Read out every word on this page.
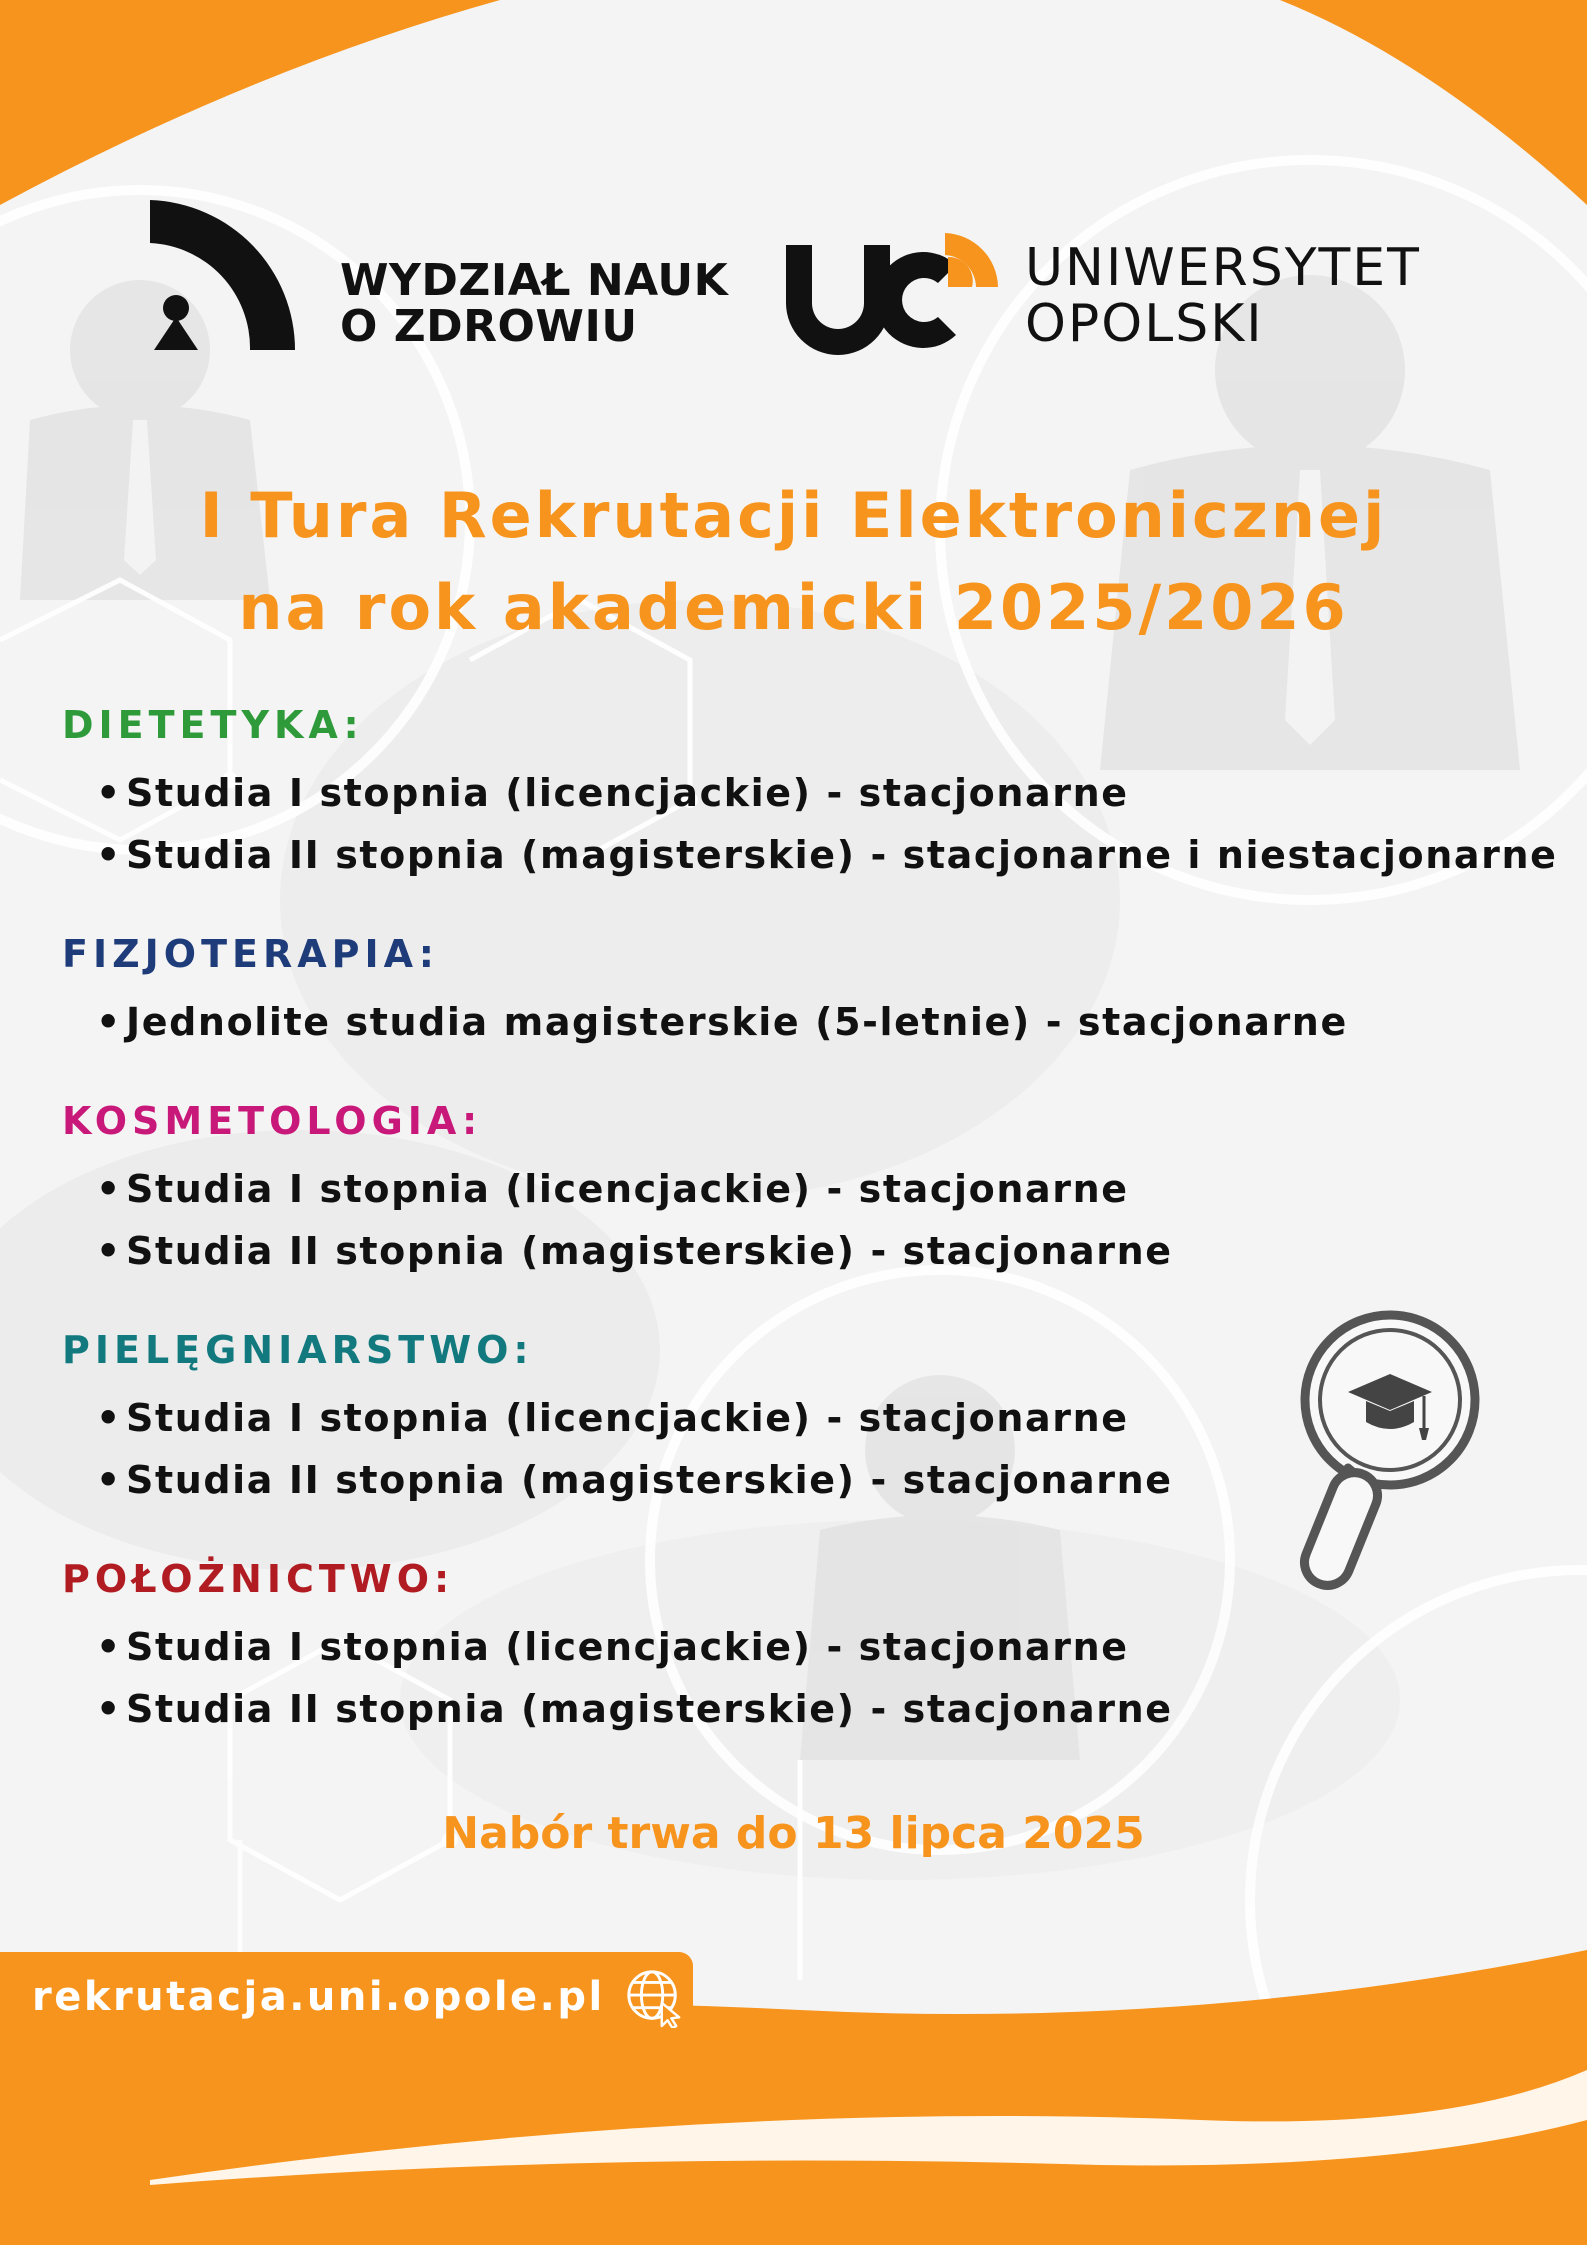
WYDZIAŁ NAUK
O ZDROWIU
UNIWERSYTET
OPOLSKI
I Tura Rekrutacji Elektronicznej
na rok akademicki 2025/2026
DIETETYKA:
• Studia I stopnia (licencjackie) - stacjonarne
• Studia II stopnia (magisterskie) - stacjonarne i niestacjonarne
FIZJOTERAPIA:
• Jednolite studia magisterskie (5-letnie) - stacjonarne
KOSMETOLOGIA:
• Studia I stopnia (licencjackie) - stacjonarne
• Studia II stopnia (magisterskie) - stacjonarne
PIELĘGNIARSTWO:
• Studia I stopnia (licencjackie) - stacjonarne
• Studia II stopnia (magisterskie) - stacjonarne
POŁOŻNICTWO:
• Studia I stopnia (licencjackie) - stacjonarne
• Studia II stopnia (magisterskie) - stacjonarne
Nabór trwa do 13 lipca 2025
rekrutacja.uni.opole.pl
